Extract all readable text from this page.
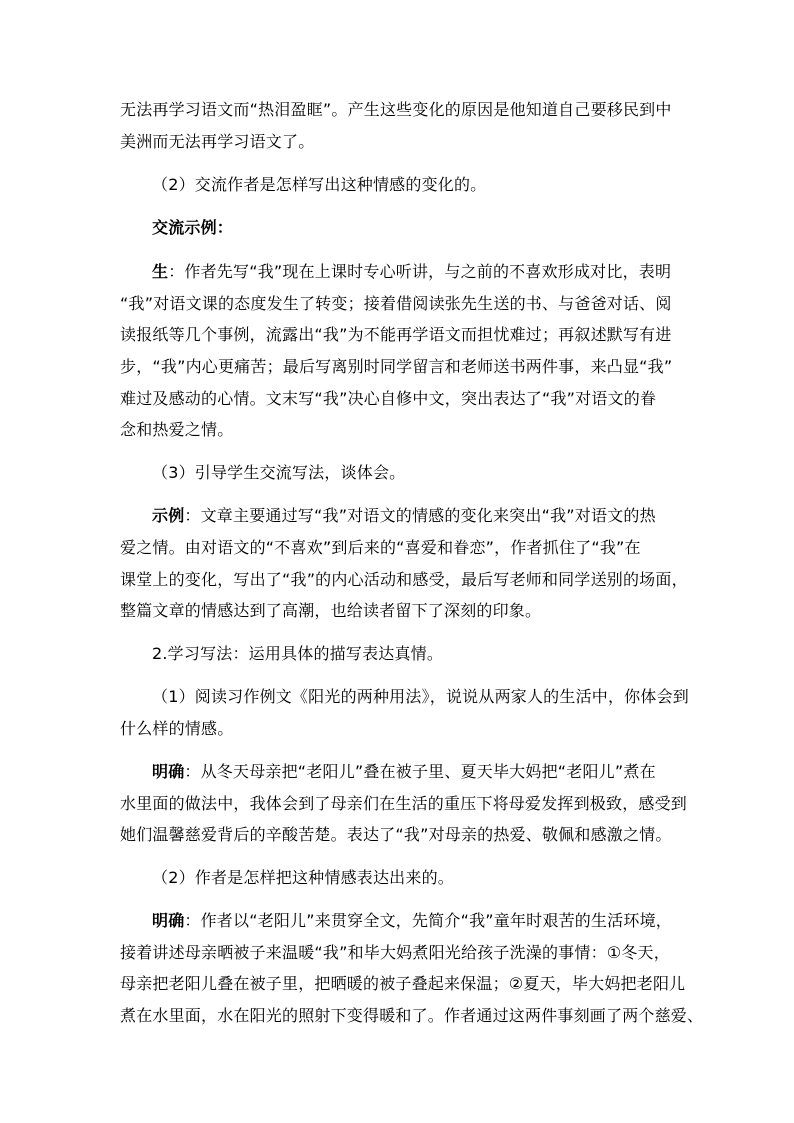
无法再学习语文而“热泪盈眶”。产生这些变化的原因是他知道自己要移民到中
美洲而无法再学习语文了。
（2）交流作者是怎样写出这种情感的变化的。
交流示例：
生：作者先写“我”现在上课时专心听讲，与之前的不喜欢形成对比，表明
“我”对语文课的态度发生了转变；接着借阅读张先生送的书、与爸爸对话、阅
读报纸等几个事例，流露出“我”为不能再学语文而担忧难过；再叙述默写有进
步，“我”内心更痛苦；最后写离别时同学留言和老师送书两件事，来凸显“我”
难过及感动的心情。文末写“我”决心自修中文，突出表达了“我”对语文的眷
念和热爱之情。
（3）引导学生交流写法，谈体会。
示例：文章主要通过写“我”对语文的情感的变化来突出“我”对语文的热
爱之情。由对语文的“不喜欢”到后来的“喜爱和眷恋”，作者抓住了“我”在
课堂上的变化，写出了“我”的内心活动和感受，最后写老师和同学送别的场面，
整篇文章的情感达到了高潮，也给读者留下了深刻的印象。
2.学习写法：运用具体的描写表达真情。
（1）阅读习作例文《阳光的两种用法》，说说从两家人的生活中，你体会到
什么样的情感。
明确：从冬天母亲把“老阳儿”叠在被子里、夏天毕大妈把“老阳儿”煮在
水里面的做法中，我体会到了母亲们在生活的重压下将母爱发挥到极致，感受到
她们温馨慈爱背后的辛酸苦楚。表达了“我”对母亲的热爱、敬佩和感激之情。
（2）作者是怎样把这种情感表达出来的。
明确：作者以“老阳儿”来贯穿全文，先简介“我”童年时艰苦的生活环境，
接着讲述母亲晒被子来温暖“我”和毕大妈煮阳光给孩子洗澡的事情：①冬天，
母亲把老阳儿叠在被子里，把晒暖的被子叠起来保温；②夏天，毕大妈把老阳儿
煮在水里面，水在阳光的照射下变得暖和了。作者通过这两件事刻画了两个慈爱、
